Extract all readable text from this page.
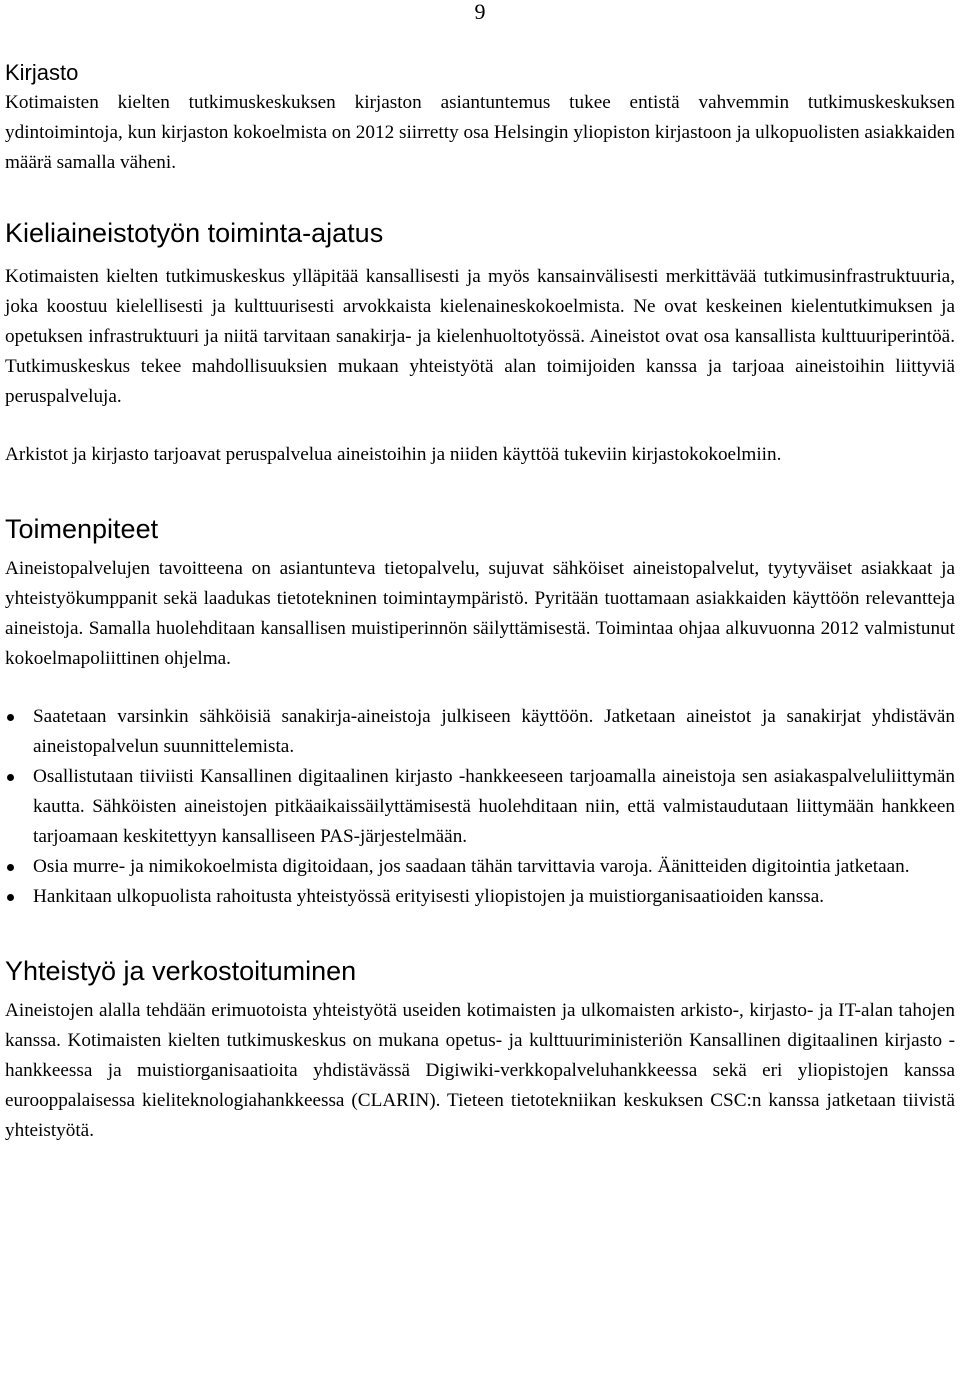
9
Kirjasto

Kotimaisten kielten tutkimuskeskuksen kirjaston asiantuntemus tukee entistä vahvemmin tutkimuskeskuksen ydintoimintoja, kun kirjaston kokoelmista on 2012 siirretty osa Helsingin yliopiston kirjastoon ja ulkopuolisten asiakkaiden määrä samalla väheni.

Kieliaineistotyön toiminta-ajatus

Kotimaisten kielten tutkimuskeskus ylläpitää kansallisesti ja myös kansainvälisesti merkittävää tutkimusinfrastruktuuria, joka koostuu kielellisesti ja kulttuurisesti arvokkaista kielenaineskokoelmista. Ne ovat keskeinen kielentutkimuksen ja opetuksen infrastruktuuri ja niitä tarvitaan sanakirja- ja kielenhuoltotyössä. Aineistot ovat osa kansallista kulttuuriperintöä. Tutkimuskeskus tekee mahdollisuuksien mukaan yhteistyötä alan toimijoiden kanssa ja tarjoaa aineistoihin liittyviä peruspalveluja.

Arkistot ja kirjasto tarjoavat peruspalvelua aineistoihin ja niiden käyttöä tukeviin kirjastokokoelmiin.

Toimenpiteet

Aineistopalvelujen tavoitteena on asiantunteva tietopalvelu, sujuvat sähköiset aineistopalvelut, tyytyväiset asiakkaat ja yhteistyökumppanit sekä laadukas tietotekninen toimintaympäristö. Pyritään tuottamaan asiakkaiden käyttöön relevantteja aineistoja. Samalla huolehditaan kansallisen muistiperinnön säilyttämisestä. Toimintaa ohjaa alkuvuonna 2012 valmistunut kokoelmapoliittinen ohjelma.

Saatetaan varsinkin sähköisiä sanakirja-aineistoja julkiseen käyttöön. Jatketaan aineistot ja sanakirjat yhdistävän aineistopalvelun suunnittelemista.
Osallistutaan tiiviisti Kansallinen digitaalinen kirjasto -hankkeeseen tarjoamalla aineistoja sen asiakaspalveluliittymän kautta. Sähköisten aineistojen pitkäaikaissäilyttämisestä huolehditaan niin, että valmistaudutaan liittymään hankkeen tarjoamaan keskitettyyn kansalliseen PAS-järjestelmään.
Osia murre- ja nimikokoelmista digitoidaan, jos saadaan tähän tarvittavia varoja. Äänitteiden digitointia jatketaan.
Hankitaan ulkopuolista rahoitusta yhteistyössä erityisesti yliopistojen ja muistiorganisaatioiden kanssa.
Yhteistyö ja verkostoituminen

Aineistojen alalla tehdään erimuotoista yhteistyötä useiden kotimaisten ja ulkomaisten arkisto-, kirjasto- ja IT-alan tahojen kanssa. Kotimaisten kielten tutkimuskeskus on mukana opetus- ja kulttuuriministeriön Kansallinen digitaalinen kirjasto -hankkeessa ja muistiorganisaatioita yhdistävässä Digiwiki-verkkopalveluhankkeessa sekä eri yliopistojen kanssa eurooppalaisessa kieliteknologiahankkeessa (CLARIN). Tieteen tietotekniikan keskuksen CSC:n kanssa jatketaan tiivistä yhteistyötä.
